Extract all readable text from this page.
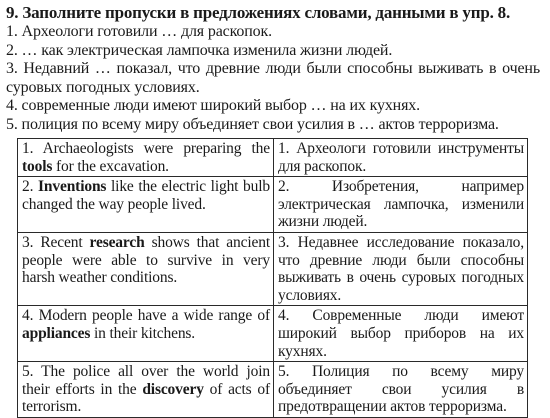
9. Заполните пропуски в предложениях словами, данными в упр. 8.
1. Археологи готовили … для раскопок.
2. … как электрическая лампочка изменила жизни людей.
3. Недавний … показал, что древние люди были способны выживать в очень суровых погодных условиях.
4. современные люди имеют широкий выбор … на их кухнях.
5. полиция по всему миру объединяет свои усилия в … актов терроризма.
1. Archaeologists were preparing the tools for the excavation.	1. Археологи готовили инструменты для раскопок.
2. Inventions like the electric light bulb changed the way people lived.	2. Изобретения, например электрическая лампочка, изменили жизни людей.
3. Recent research shows that ancient people were able to survive in very harsh weather conditions.	3. Недавнее исследование показало, что древние люди были способны выживать в очень суровых погодных условиях.
4. Modern people have a wide range of appliances in their kitchens.	4. Современные люди имеют широкий выбор приборов на их кухнях.
5. The police all over the world join their efforts in the discovery of acts of terrorism.	5. Полиция по всему миру объединяет свои усилия в предотвращении актов терроризма.
